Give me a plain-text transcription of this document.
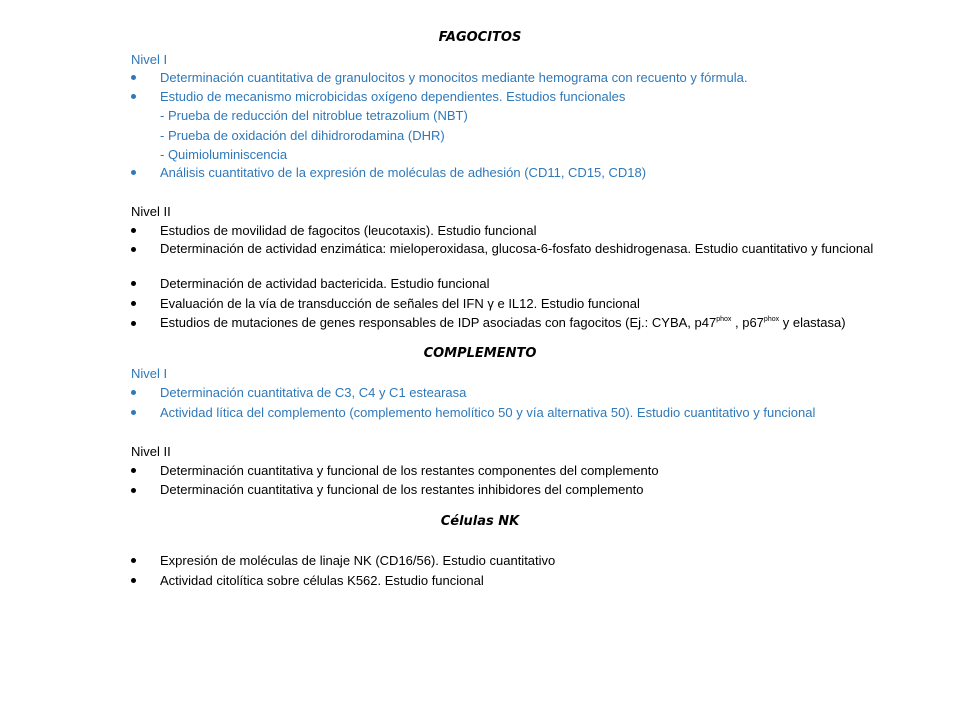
FAGOCITOS
Nivel I
Determinación cuantitativa de granulocitos y monocitos mediante hemograma con recuento y fórmula.
Estudio de mecanismo microbicidas oxígeno dependientes. Estudios funcionales
- Prueba de reducción del nitroblue tetrazolium (NBT)
- Prueba de oxidación del dihidrorodamina (DHR)
- Quimioluminiscencia
Análisis cuantitativo de la expresión de moléculas de adhesión (CD11, CD15, CD18)
Nivel II
Estudios de movilidad de fagocitos (leucotaxis). Estudio funcional
Determinación de actividad enzimática: mieloperoxidasa, glucosa-6-fosfato deshidrogenasa. Estudio cuantitativo y funcional
Determinación de actividad bactericida. Estudio funcional
Evaluación de la vía de transducción de señales del IFN γ e IL12. Estudio funcional
Estudios de mutaciones de genes responsables de IDP asociadas con fagocitos (Ej.: CYBA, $p47^{phox}$ , $p67^{phox}$ y elastasa)
COMPLEMENTO
Nivel I
Determinación cuantitativa de C3, C4 y C1 estearasa
Actividad lítica del complemento (complemento hemolítico 50 y vía alternativa 50). Estudio cuantitativo y funcional
Nivel II
Determinación cuantitativa y funcional de los restantes componentes del complemento
Determinación cuantitativa y funcional de los restantes inhibidores del complemento
Células NK
Expresión de moléculas de linaje NK (CD16/56). Estudio cuantitativo
Actividad citolítica sobre células K562. Estudio funcional
